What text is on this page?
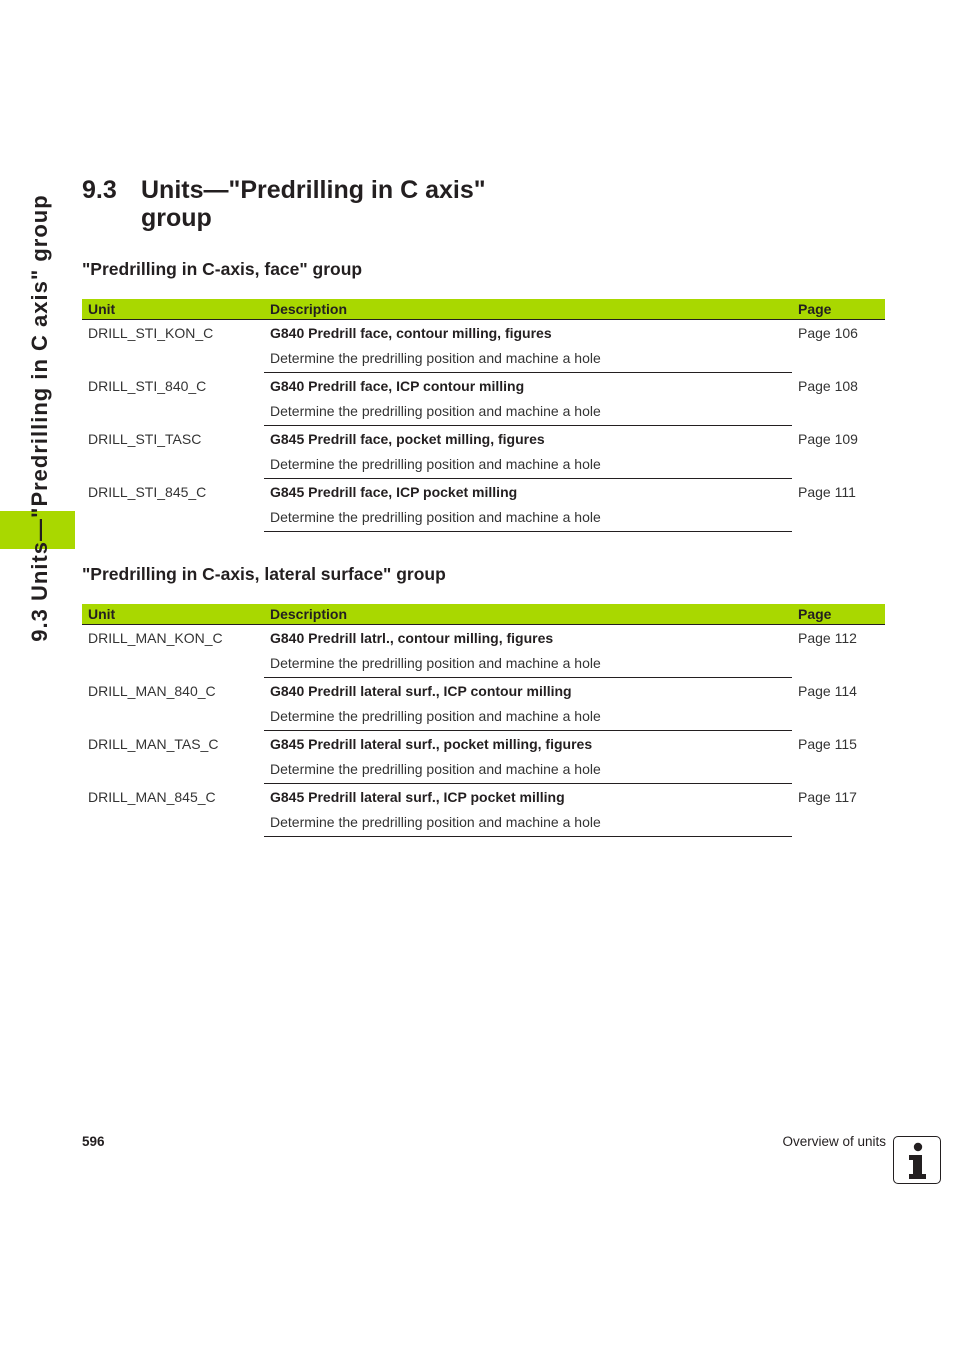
9.3 Units—"Predrilling in C axis" group
9.3 Units—"Predrilling in C axis"
group
"Predrilling in C-axis, face" group
Unit	Description	Page
DRILL_STI_KON_C	G840 Predrill face, contour milling, figures	Page 106
	Determine the predrilling position and machine a hole	
DRILL_STI_840_C	G840 Predrill face, ICP contour milling	Page 108
	Determine the predrilling position and machine a hole	
DRILL_STI_TASC	G845 Predrill face, pocket milling, figures	Page 109
	Determine the predrilling position and machine a hole	
DRILL_STI_845_C	G845 Predrill face, ICP pocket milling	Page 111
	Determine the predrilling position and machine a hole	
"Predrilling in C-axis, lateral surface" group
Unit	Description	Page
DRILL_MAN_KON_C	G840 Predrill latrl., contour milling, figures	Page 112
	Determine the predrilling position and machine a hole	
DRILL_MAN_840_C	G840 Predrill lateral surf., ICP contour milling	Page 114
	Determine the predrilling position and machine a hole	
DRILL_MAN_TAS_C	G845 Predrill lateral surf., pocket milling, figures	Page 115
	Determine the predrilling position and machine a hole	
DRILL_MAN_845_C	G845 Predrill lateral surf., ICP pocket milling	Page 117
	Determine the predrilling position and machine a hole	
596	Overview of units
